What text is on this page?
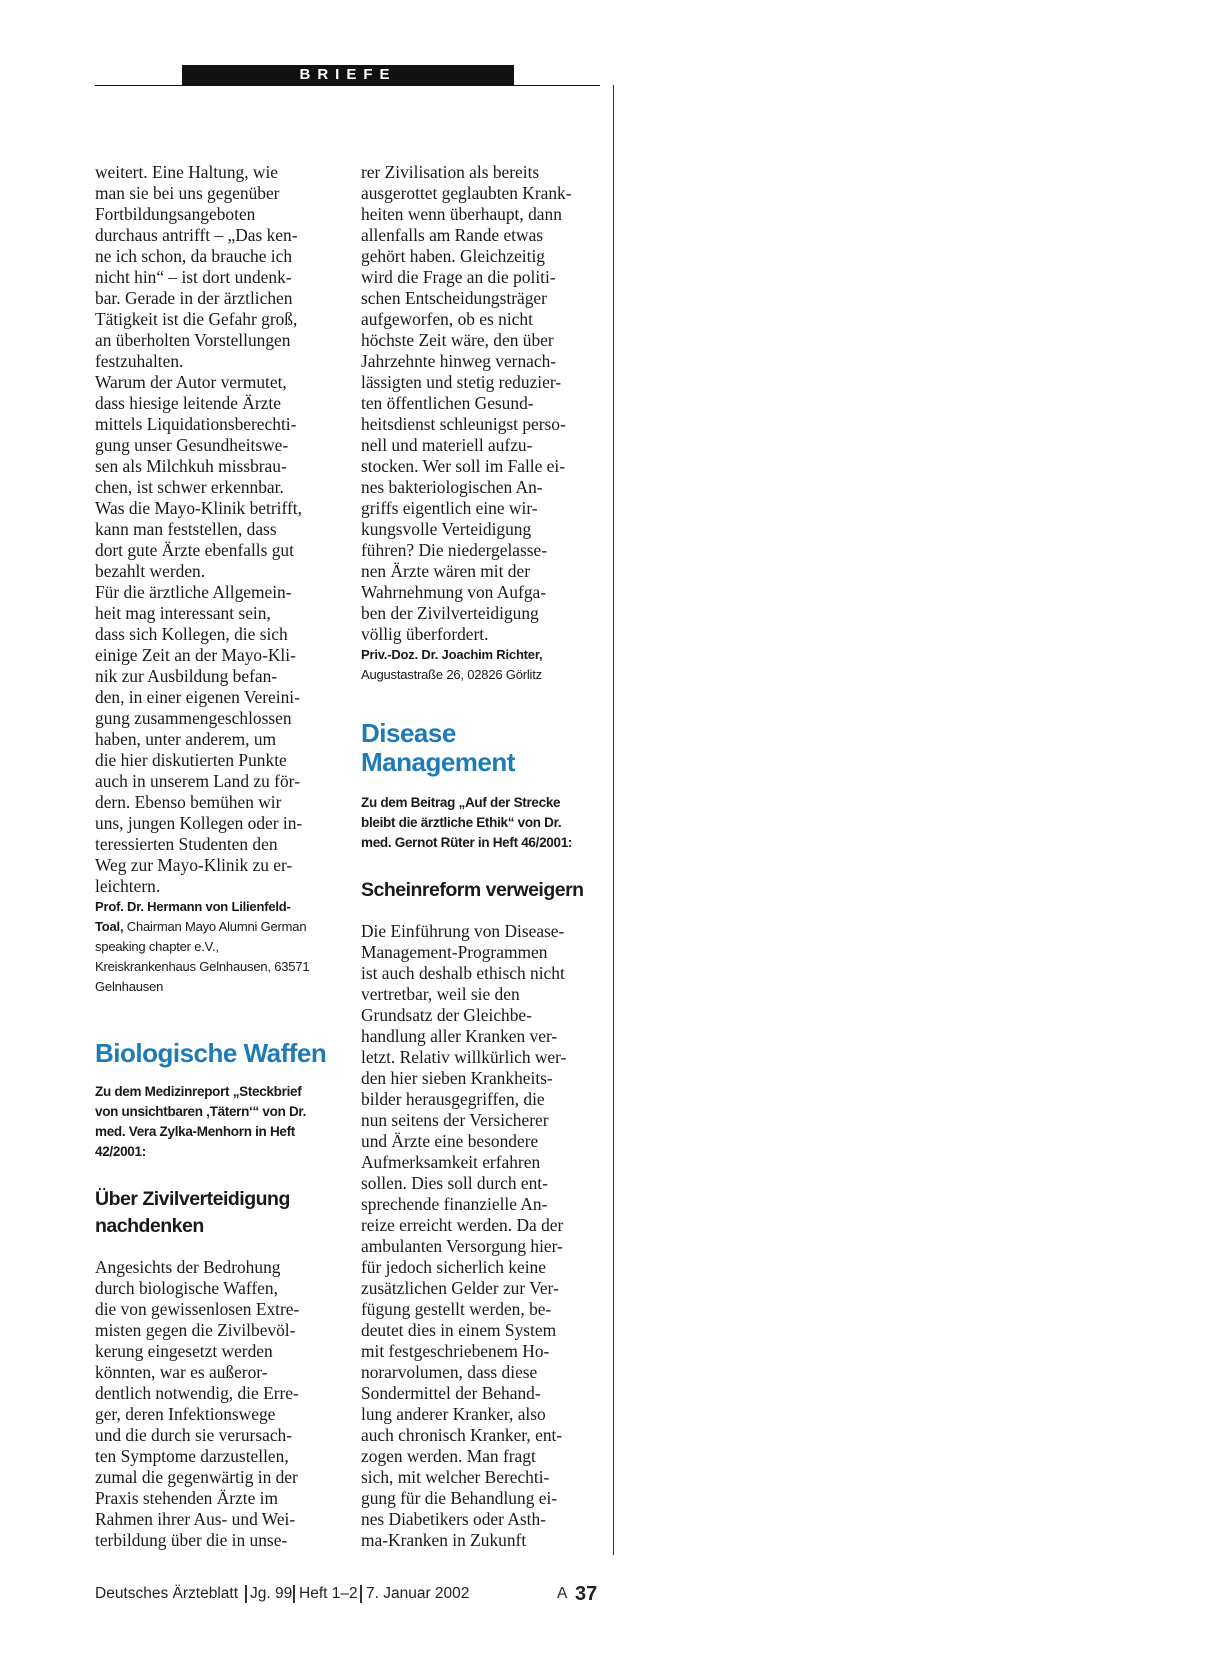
BRIEFE

weitert. Eine Haltung, wie
man sie bei uns gegenüber
Fortbildungsangeboten
durchaus antrifft – „Das ken-
ne ich schon, da brauche ich
nicht hin“ – ist dort undenk-
bar. Gerade in der ärztlichen
Tätigkeit ist die Gefahr groß,
an überholten Vorstellungen
festzuhalten.
Warum der Autor vermutet,
dass hiesige leitende Ärzte
mittels Liquidationsberechti-
gung unser Gesundheitswe-
sen als Milchkuh missbrau-
chen, ist schwer erkennbar.
Was die Mayo-Klinik betrifft,
kann man feststellen, dass
dort gute Ärzte ebenfalls gut
bezahlt werden.
Für die ärztliche Allgemein-
heit mag interessant sein,
dass sich Kollegen, die sich
einige Zeit an der Mayo-Kli-
nik zur Ausbildung befan-
den, in einer eigenen Vereini-
gung zusammengeschlossen
haben, unter anderem, um
die hier diskutierten Punkte
auch in unserem Land zu för-
dern. Ebenso bemühen wir
uns, jungen Kollegen oder in-
teressierten Studenten den
Weg zur Mayo-Klinik zu er-
leichtern.

Prof. Dr. Hermann von Lilienfeld-
Toal, Chairman Mayo Alumni German
speaking chapter e.V.,
Kreiskrankenhaus Gelnhausen, 63571
Gelnhausen

Biologische Waffen

Zu dem Medizinreport „Steckbrief
von unsichtbaren ‚Tätern‘“ von Dr.
med. Vera Zylka-Menhorn in Heft
42/2001:

Über Zivilverteidigung
nachdenken

Angesichts der Bedrohung
durch biologische Waffen,
die von gewissenlosen Extre-
misten gegen die Zivilbevöl-
kerung eingesetzt werden
könnten, war es außeror-
dentlich notwendig, die Erre-
ger, deren Infektionswege
und die durch sie verursach-
ten Symptome darzustellen,
zumal die gegenwärtig in der
Praxis stehenden Ärzte im
Rahmen ihrer Aus- und Wei-
terbildung über die in unse-

rer Zivilisation als bereits
ausgerottet geglaubten Krank-
heiten wenn überhaupt, dann
allenfalls am Rande etwas
gehört haben. Gleichzeitig
wird die Frage an die politi-
schen Entscheidungsträger
aufgeworfen, ob es nicht
höchste Zeit wäre, den über
Jahrzehnte hinweg vernach-
lässigten und stetig reduzier-
ten öffentlichen Gesund-
heitsdienst schleunigst perso-
nell und materiell aufzu-
stocken. Wer soll im Falle ei-
nes bakteriologischen An-
griffs eigentlich eine wir-
kungsvolle Verteidigung
führen? Die niedergelasse-
nen Ärzte wären mit der
Wahrnehmung von Aufga-
ben der Zivilverteidigung
völlig überfordert.

Priv.-Doz. Dr. Joachim Richter,

Augustastraße 26, 02826 Görlitz

Disease
Management

Zu dem Beitrag „Auf der Strecke
bleibt die ärztliche Ethik“ von Dr.
med. Gernot Rüter in Heft 46/2001:

Scheinreform verweigern

Die Einführung von Disease-
Management-Programmen
ist auch deshalb ethisch nicht
vertretbar, weil sie den
Grundsatz der Gleichbe-
handlung aller Kranken ver-
letzt. Relativ willkürlich wer-
den hier sieben Krankheits-
bilder herausgegriffen, die
nun seitens der Versicherer
und Ärzte eine besondere
Aufmerksamkeit erfahren
sollen. Dies soll durch ent-
sprechende finanzielle An-
reize erreicht werden. Da der
ambulanten Versorgung hier-
für jedoch sicherlich keine
zusätzlichen Gelder zur Ver-
fügung gestellt werden, be-
deutet dies in einem System
mit festgeschriebenem Ho-
norarvolumen, dass diese
Sondermittel der Behand-
lung anderer Kranker, also
auch chronisch Kranker, ent-
zogen werden. Man fragt
sich, mit welcher Berechti-
gung für die Behandlung ei-
nes Diabetikers oder Asth-
ma-Kranken in Zukunft

Deutsches Ärzteblatt Jg. 99 Heft 1–2 7. Januar 2002	A 37
